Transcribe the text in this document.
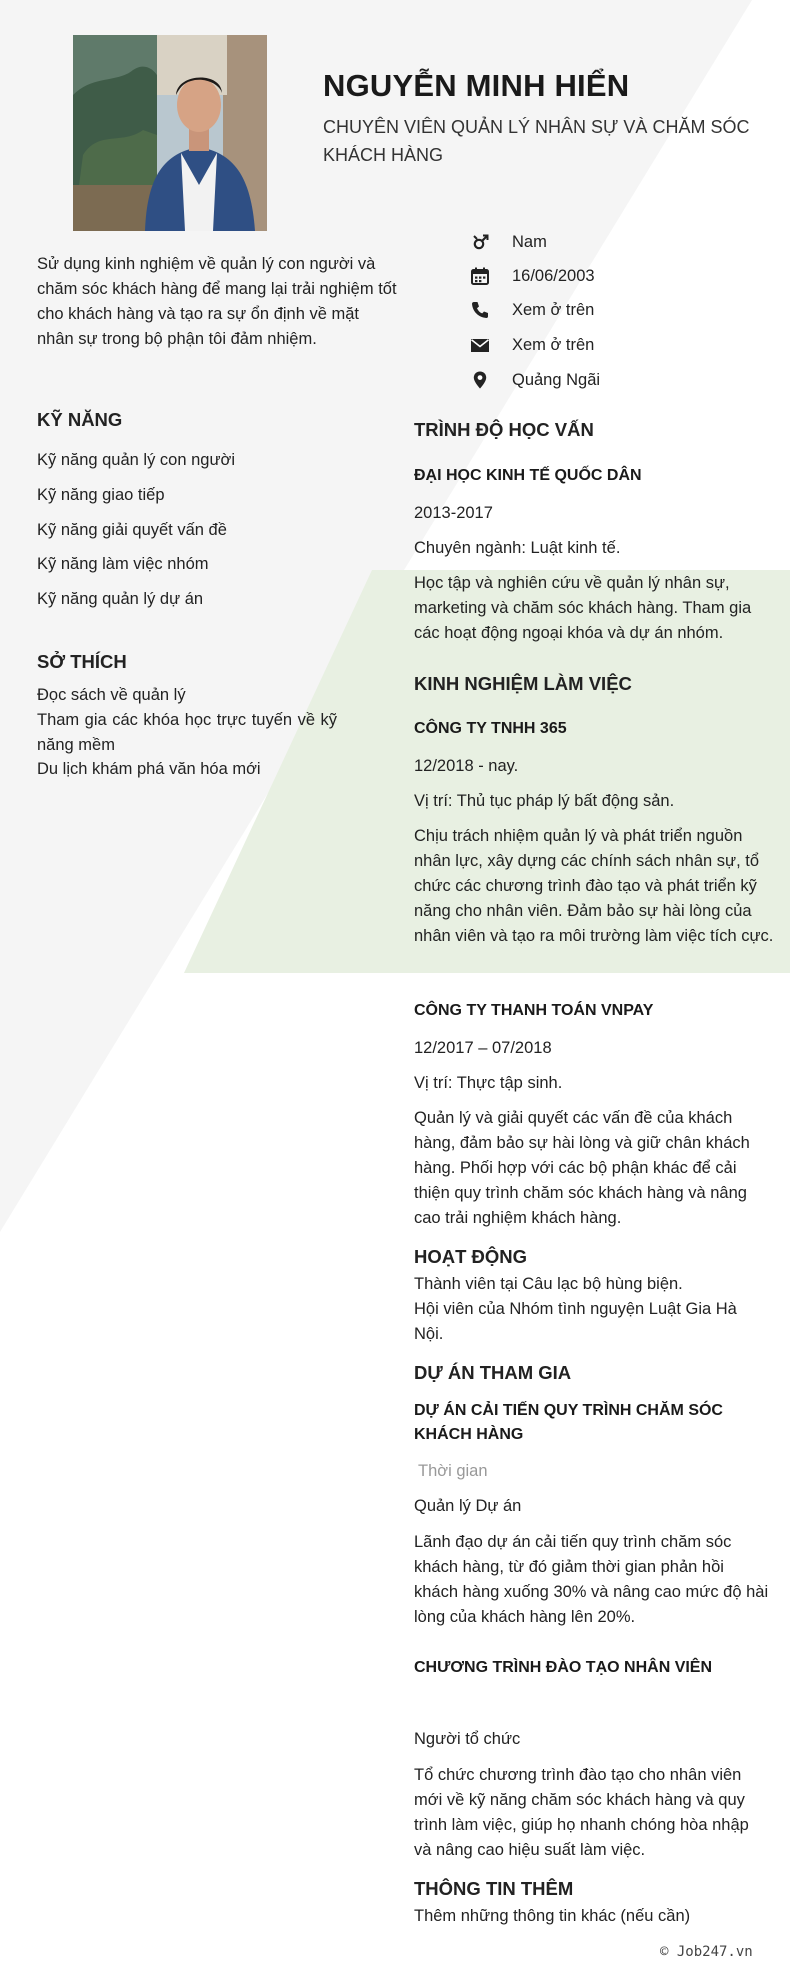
NGUYỄN MINH HIỂN
CHUYÊN VIÊN QUẢN LÝ NHÂN SỰ VÀ CHĂM SÓC KHÁCH HÀNG
Sử dụng kinh nghiệm về quản lý con người và chăm sóc khách hàng để mang lại trải nghiệm tốt cho khách hàng và tạo ra sự ổn định về mặt nhân sự trong bộ phận tôi đảm nhiệm.
Nam
16/06/2003
Xem ở trên
Xem ở trên
Quảng Ngãi
KỸ NĂNG
Kỹ năng quản lý con người
Kỹ năng giao tiếp
Kỹ năng giải quyết vấn đề
Kỹ năng làm việc nhóm
Kỹ năng quản lý dự án
SỞ THÍCH
Đọc sách về quản lý
Tham gia các khóa học trực tuyến về kỹ năng mềm
Du lịch khám phá văn hóa mới
TRÌNH ĐỘ HỌC VẤN
ĐẠI HỌC KINH TẾ QUỐC DÂN
2013-2017
Chuyên ngành: Luật kinh tế.
Học tập và nghiên cứu về quản lý nhân sự, marketing và chăm sóc khách hàng. Tham gia các hoạt động ngoại khóa và dự án nhóm.
KINH NGHIỆM LÀM VIỆC
CÔNG TY TNHH 365
12/2018 - nay.
Vị trí: Thủ tục pháp lý bất động sản.
Chịu trách nhiệm quản lý và phát triển nguồn nhân lực, xây dựng các chính sách nhân sự, tổ chức các chương trình đào tạo và phát triển kỹ năng cho nhân viên. Đảm bảo sự hài lòng của nhân viên và tạo ra môi trường làm việc tích cực.
CÔNG TY THANH TOÁN VNPAY
12/2017 – 07/2018
Vị trí: Thực tập sinh.
Quản lý và giải quyết các vấn đề của khách hàng, đảm bảo sự hài lòng và giữ chân khách hàng. Phối hợp với các bộ phận khác để cải thiện quy trình chăm sóc khách hàng và nâng cao trải nghiệm khách hàng.
HOẠT ĐỘNG
Thành viên tại Câu lạc bộ hùng biện.
Hội viên của Nhóm tình nguyện Luật Gia Hà Nội.
DỰ ÁN THAM GIA
DỰ ÁN CẢI TIẾN QUY TRÌNH CHĂM SÓC KHÁCH HÀNG
Thời gian
Quản lý Dự án
Lãnh đạo dự án cải tiến quy trình chăm sóc khách hàng, từ đó giảm thời gian phản hồi khách hàng xuống 30% và nâng cao mức độ hài lòng của khách hàng lên 20%.
CHƯƠNG TRÌNH ĐÀO TẠO NHÂN VIÊN
Người tổ chức
Tổ chức chương trình đào tạo cho nhân viên mới về kỹ năng chăm sóc khách hàng và quy trình làm việc, giúp họ nhanh chóng hòa nhập và nâng cao hiệu suất làm việc.
THÔNG TIN THÊM
Thêm những thông tin khác (nếu cần)
© Job247.vn
